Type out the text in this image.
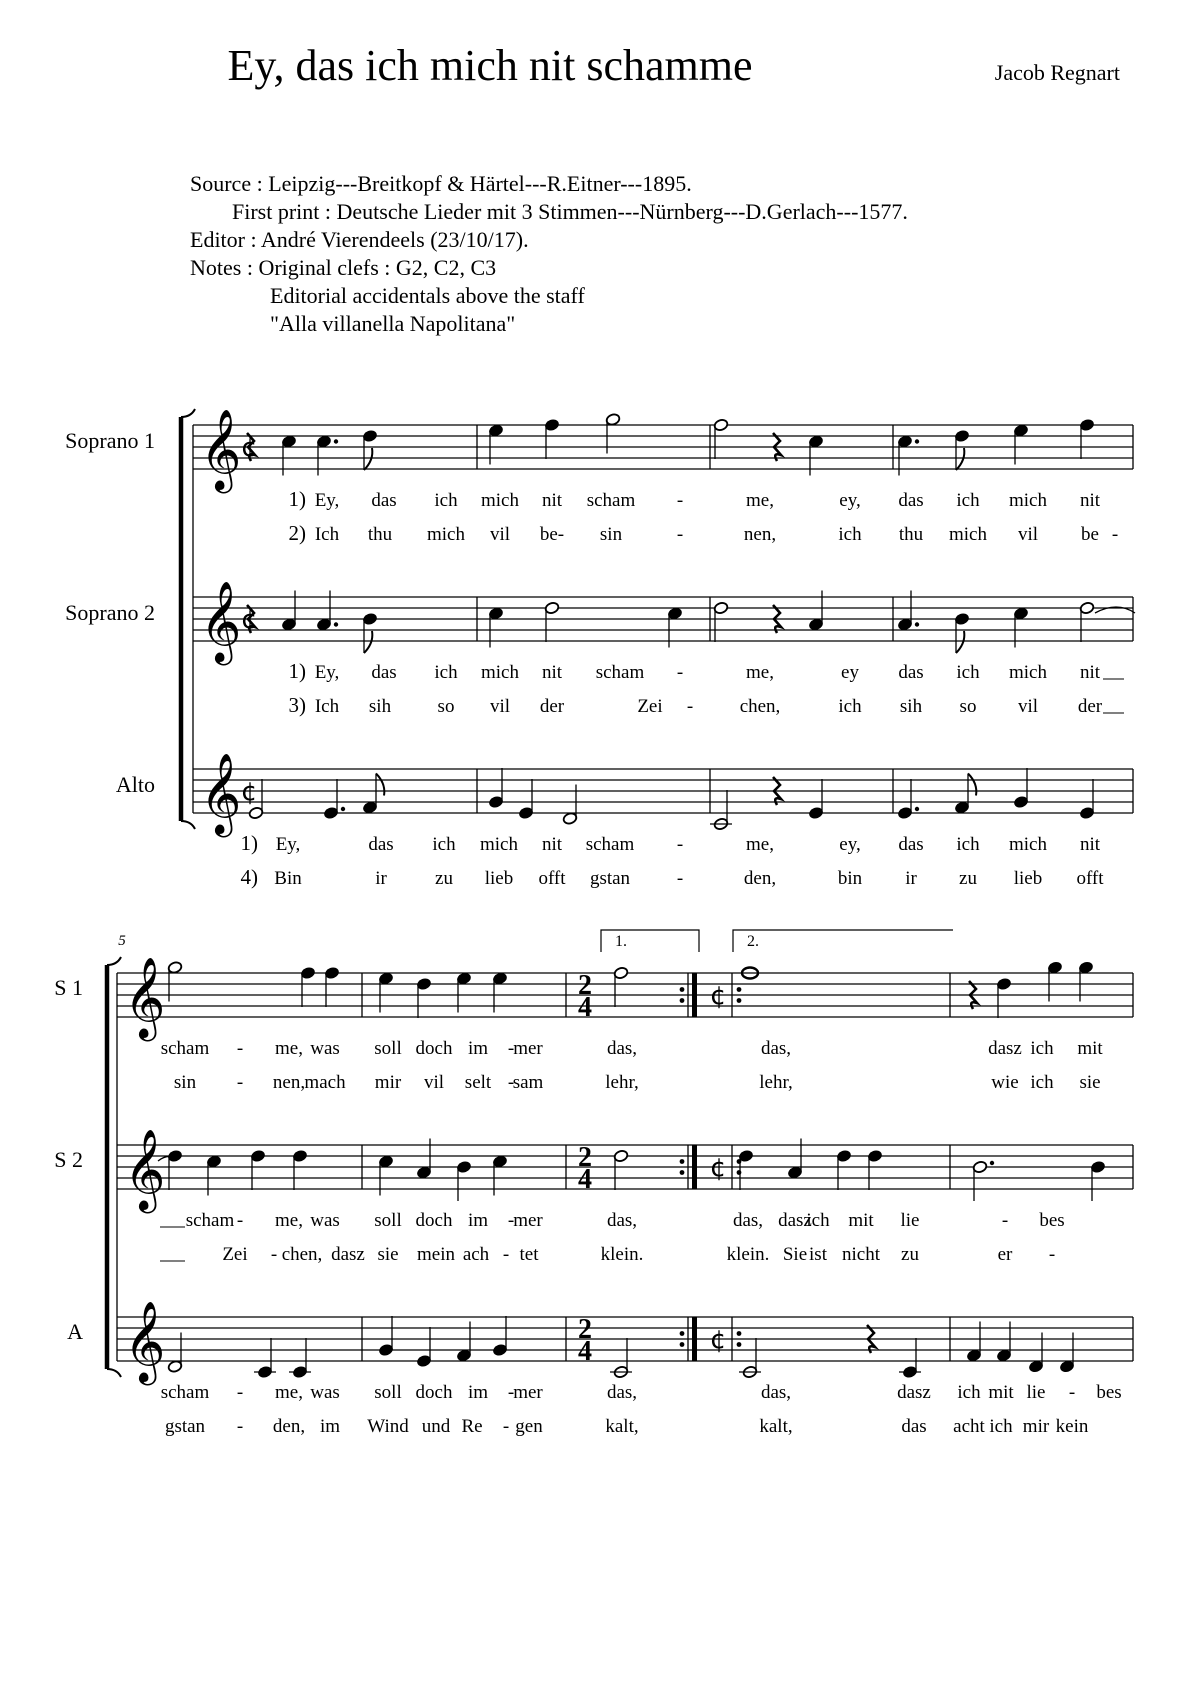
Ey, das ich mich nit schamme	Jacob Regnart
Source : Leipzig---Breitkopf & Härtel---R.Eitner---1895.
First print : Deutsche Lieder mit 3 Stimmen---Nürnberg---D.Gerlach---1577.
Editor : André Vierendeels (23/10/17).
Notes : Original clefs : G2, C2, C3
Editorial accidentals above the staff
"Alla villanella Napolitana"
Soprano 1
Soprano 2
Alto
S 1
S 2
A
𝄞 ¢
1)
2)
Ey, das ich mich nit scham -	me,	ey, das ich mich nit
Ich thu mich vil be- sin	-	nen,	ich thu mich vil be -
𝄞 ¢
1)
3)
Ey, das ich mich nit scham -	me,	ey das ich mich nit
Ich sih so vil der	Zei - chen,	ich sih so vil der
𝄞 ¢
1)
4)
Ey,	das ich mich nit scham -	me,	ey, das ich mich nit
Bin	ir	zu lieb offt gstan -	den,	bin ir zu lieb offt
5	1.	2.
𝄞	2
4	¢
scham - me, was soll doch im - mer	das,	das,	dasz ich mit
sin - nen, mach mir vil selt -
sam	lehr,	lehr,	wie ich sie
𝄞	2
4	¢
scham - me, was soll doch im - mer	das,	das, dasz
ich mit lie	- bes
Zei - chen, dasz sie mein ach - tet	klein.	klein. Sie ist nicht zu	er -
𝄞	2
4	¢
scham - me, was soll doch im - mer	das,	das,	dasz ich mit lie - bes
gstan - den, im Wind und Re - gen	kalt,	kalt,	das acht ich mir kein
